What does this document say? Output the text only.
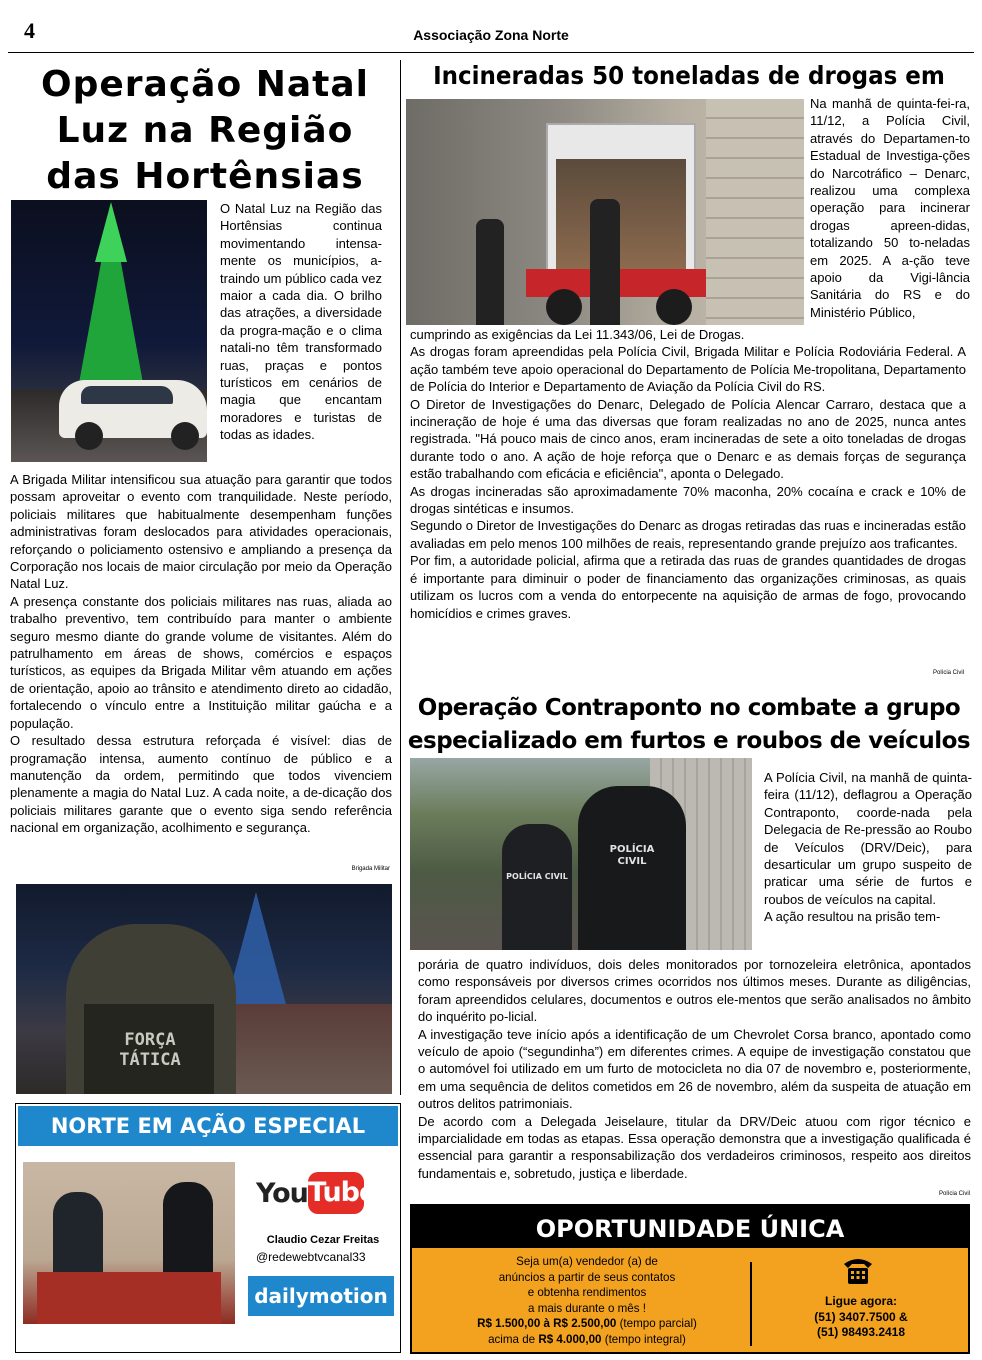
4	Associação Zona Norte
Operação Natal Luz na Região das Hortênsias

O Natal Luz na Região das Hortênsias continua movimentando intensa-mente os municípios, a-traindo um público cada vez maior a cada dia. O brilho das atrações, a diversidade da progra-mação e o clima natali-no têm transformado ruas, praças e pontos turísticos em cenários de magia que encantam moradores e turistas de todas as idades.

A Brigada Militar intensificou sua atuação para garantir que todos possam aproveitar o evento com tranquilidade. Neste período, policiais militares que habitualmente desempenham funções administrativas foram deslocados para atividades operacionais, reforçando o policiamento ostensivo e ampliando a presença da Corporação nos locais de maior circulação por meio da Operação Natal Luz.

A presença constante dos policiais militares nas ruas, aliada ao trabalho preventivo, tem contribuído para manter o ambiente seguro mesmo diante do grande volume de visitantes. Além do patrulhamento em áreas de shows, comércios e espaços turísticos, as equipes da Brigada Militar vêm atuando em ações de orientação, apoio ao trânsito e atendimento direto ao cidadão, fortalecendo o vínculo entre a Instituição militar gaúcha e a população.

O resultado dessa estrutura reforçada é visível: dias de programação intensa, aumento contínuo de público e a manutenção da ordem, permitindo que todos vivenciem plenamente a magia do Natal Luz. A cada noite, a de-dicação dos policiais militares garante que o evento siga sendo referência nacional em organização, acolhimento e segurança.

Brigada Militar
FORÇA TÁTICA
NORTE EM AÇÃO ESPECIAL
You Tube
Claudio Cezar Freitas
@redewebtvcanal33
dailymotion
Incineradas 50 toneladas de drogas em

Na manhã de quinta-fei-ra, 11/12, a Polícia Civil, através do Departamen-to Estadual de Investiga-ções do Narcotráfico – Denarc, realizou uma complexa operação para incinerar drogas apreen-didas, totalizando 50 to-neladas em 2025. A a-ção teve apoio da Vigi-lância Sanitária do RS e do Ministério Público,

cumprindo as exigências da Lei 11.343/06, Lei de Drogas.

As drogas foram apreendidas pela Polícia Civil, Brigada Militar e Polícia Rodoviária Federal. A ação também teve apoio operacional do Departamento de Polícia Me-tropolitana, Departamento de Polícia do Interior e Departamento de Aviação da Polícia Civil do RS.

O Diretor de Investigações do Denarc, Delegado de Polícia Alencar Carraro, destaca que a incineração de hoje é uma das diversas que foram realizadas no ano de 2025, nunca antes registrada. "Há pouco mais de cinco anos, eram incineradas de sete a oito toneladas de drogas durante todo o ano. A ação de hoje reforça que o Denarc e as demais forças de segurança estão trabalhando com eficácia e eficiência", aponta o Delegado.

As drogas incineradas são aproximadamente 70% maconha, 20% cocaína e crack e 10% de drogas sintéticas e insumos.

Segundo o Diretor de Investigações do Denarc as drogas retiradas das ruas e incineradas estão avaliadas em pelo menos 100 milhões de reais, representando grande prejuízo aos traficantes.

Por fim, a autoridade policial, afirma que a retirada das ruas de grandes quantidades de drogas é importante para diminuir o poder de financiamento das organizações criminosas, as quais utilizam os lucros com a venda do entorpecente na aquisição de armas de fogo, provocando homicídios e crimes graves.

Polícia Civil
Operação Contraponto no combate a grupo especializado em furtos e roubos de veículos
POLÍCIA CIVIL
POLÍCIA CIVIL

A Polícia Civil, na manhã de quinta-feira (11/12), deflagrou a Operação Contraponto, coorde-nada pela Delegacia de Re-pressão ao Roubo de Veículos (DRV/Deic), para desarticular um grupo suspeito de praticar uma série de furtos e roubos de veículos na capital.

A ação resultou na prisão tem-

porária de quatro indivíduos, dois deles monitorados por tornozeleira eletrônica, apontados como responsáveis por diversos crimes ocorridos nos últimos meses. Durante as diligências, foram apreendidos celulares, documentos e outros ele-mentos que serão analisados no âmbito do inquérito po-licial.

A investigação teve início após a identificação de um Chevrolet Corsa branco, apontado como veículo de apoio (“segundinha”) em diferentes crimes. A equipe de investigação constatou que o automóvel foi utilizado em um furto de motocicleta no dia 07 de novembro e, posteriormente, em uma sequência de delitos cometidos em 26 de novembro, além da suspeita de atuação em outros delitos patrimoniais.

De acordo com a Delegada Jeiselaure, titular da DRV/Deic atuou com rigor técnico e imparcialidade em todas as etapas. Essa operação demonstra que a investigação qualificada é essencial para garantir a responsabilização dos verdadeiros criminosos, respeito aos direitos fundamentais e, sobretudo, justiça e liberdade.

Polícia Civil
OPORTUNIDADE ÚNICA
Seja um(a) vendedor (a) de
anúncios a partir de seus contatos
e obtenha rendimentos
a mais durante o mês !
R$ 1.500,00 à R$ 2.500,00 (tempo parcial)
acima de R$ 4.000,00 (tempo integral)
Ligue agora:
(51) 3407.7500 &
(51) 98493.2418
